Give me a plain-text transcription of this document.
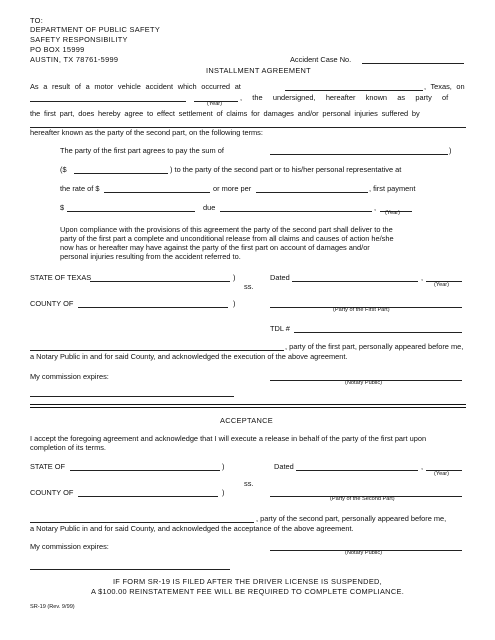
TO:
DEPARTMENT OF PUBLIC SAFETY
SAFETY RESPONSIBILITY
PO BOX 15999
AUSTIN, TX 78761-5999	Accident Case No.
INSTALLMENT AGREEMENT
As a result of a motor vehicle accident which occurred at	, Texas, on
, the undersigned, hereafter known as party of
(Year)
the first part, does hereby agree to effect settlement of claims for damages and/or personal injuries suffered by
hereafter known as the party of the second part, on the following terms:
The party of the first part agrees to pay the sum of	)
($	) to the party of the second part or to his/her personal representative at
the rate of $	or more per	, first payment
$	due	,
(Year)
Upon compliance with the provisions of this agreement the party of the second part shall deliver to the
party of the first part a complete and unconditional release from all claims and causes of action he/she
now has or hereafter may have against the party of the first part on account of damages and/or
personal injuries resulting from the accident referred to.
STATE OF TEXAS	)	Dated	,
(Year)
ss.
COUNTY OF	)
(Party of the First Part)
TDL #
, party of the first part, personally appeared before me,
a Notary Public in and for said County, and acknowledged the execution of the above agreement.
My commission expires:
(Notary Public)
ACCEPTANCE
I accept the foregoing agreement and acknowledge that I will execute a release in behalf of the party of the first part upon
completion of its terms.
STATE OF	)	Dated	,
(Year)
ss.
COUNTY OF	)
(Party of the Second Part)
, party of the second part, personally appeared before me,
a Notary Public in and for said County, and acknowledged the acceptance of the above agreement.
My commission expires:
(Notary Public)
IF FORM SR-19 IS FILED AFTER THE DRIVER LICENSE IS SUSPENDED,
A $100.00 REINSTATEMENT FEE WILL BE REQUIRED TO COMPLETE COMPLIANCE.
SR-19 (Rev. 9/99)
